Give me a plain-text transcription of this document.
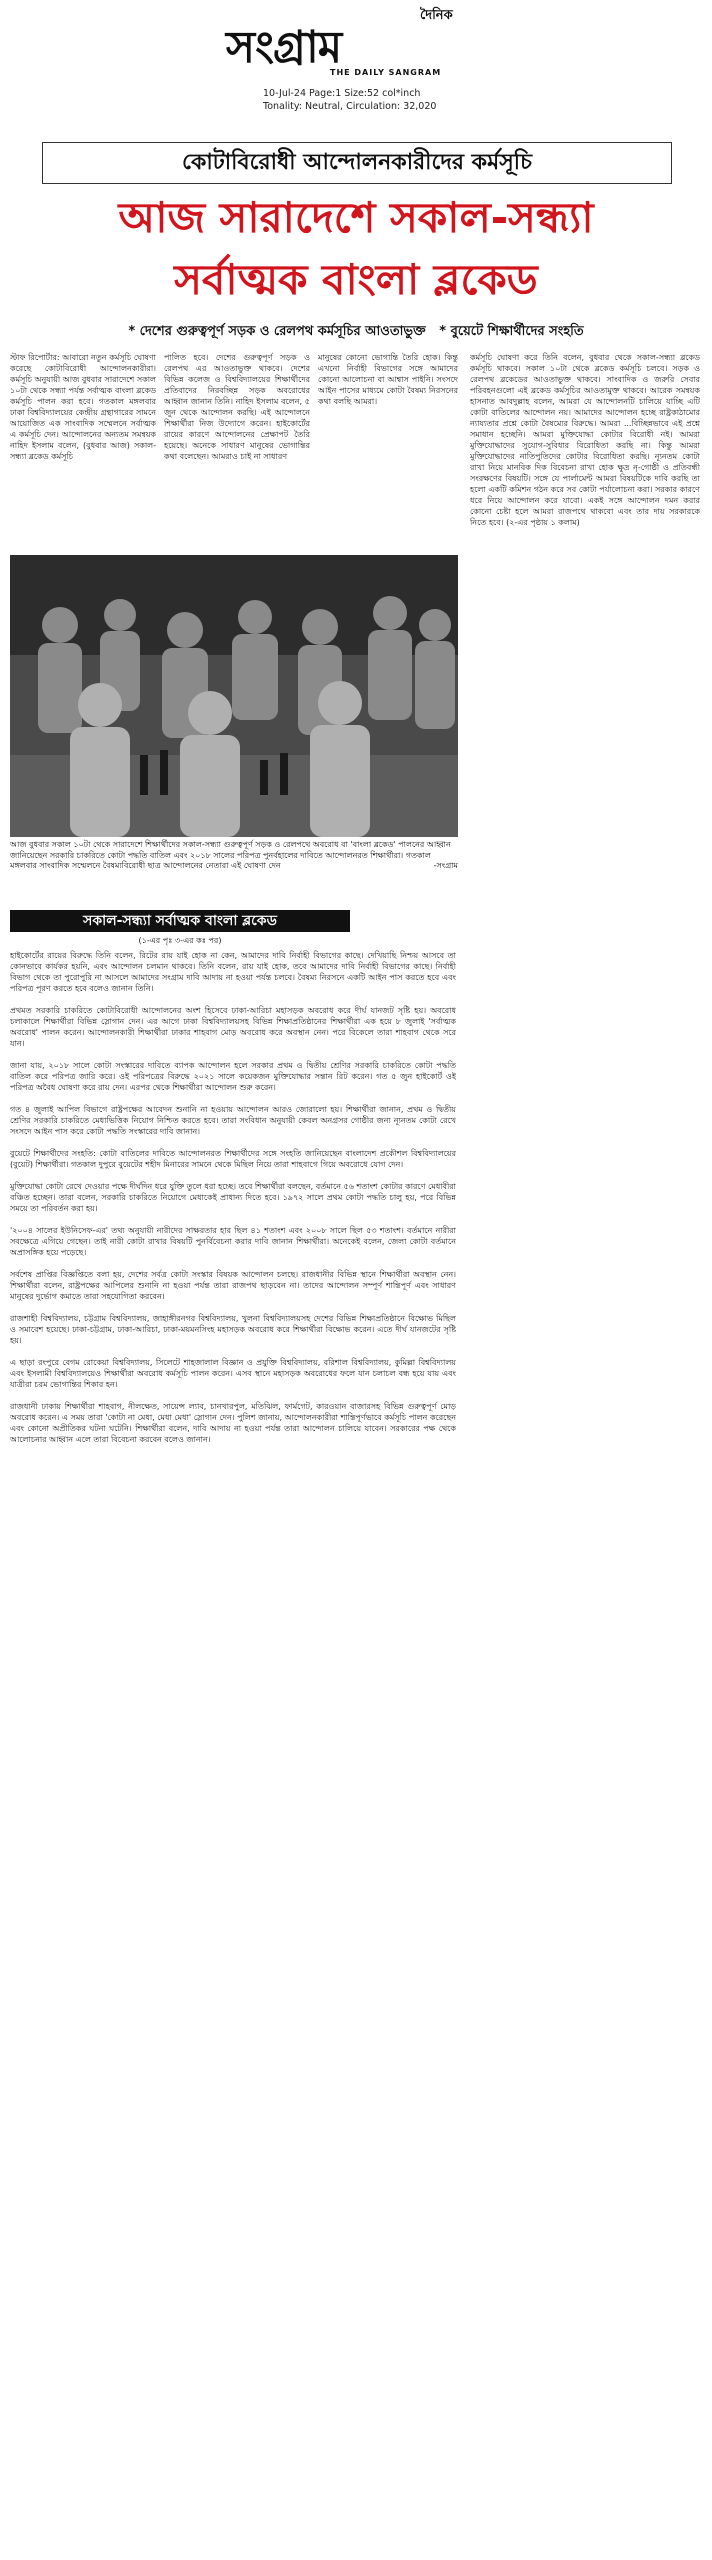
দৈনিক
সংগ্রাম
THE DAILY SANGRAM
10-Jul-24 Page:1 Size:52 col*inch
Tonality: Neutral, Circulation: 32,020
কোটাবিরোধী আন্দোলনকারীদের কর্মসূচি
আজ সারাদেশে সকাল-সন্ধ্যা
সর্বাত্মক বাংলা ব্লকেড
* দেশের গুরুত্বপূর্ণ সড়ক ও রেলপথ কর্মসূচির আওতাভুক্ত * বুয়েটে শিক্ষার্থীদের সংহতি
স্টাফ রিপোর্টার: আবারো নতুন কর্মসূচি ঘোষণা করেছে কোটাবিরোধী আন্দোলনকারীরা। কর্মসূচি অনুযায়ী আজ বুধবার সারাদেশে সকাল ১০টা থেকে সন্ধ্যা পর্যন্ত সর্বাত্মক বাংলা ব্লকেড কর্মসূচি পালন করা হবে। গতকাল মঙ্গলবার ঢাকা বিশ্ববিদ্যালয়ের কেন্দ্রীয় গ্রন্থাগারের সামনে আয়োজিত এক সাংবাদিক সম্মেলনে সর্বাত্মক এ কর্মসূচি দেন। আন্দোলনের অন্যতম সমন্বয়ক নাহিদ ইসলাম বলেন, (বুধবার আজ) সকাল-সন্ধ্যা ব্লকেড কর্মসূচি
পালিত হবে। দেশের গুরুত্বপূর্ণ সড়ক ও রেলপথ এর আওতাভুক্ত থাকবে। দেশের বিভিন্ন কলেজ ও বিশ্ববিদ্যালয়ের শিক্ষার্থীদের প্রতিবাদের নিরবচ্ছিন্ন সড়ক অবরোধের আহ্বান জানান তিনি। নাহিদ ইসলাম বলেন, ৫ জুন থেকে আন্দোলন করছি। এই আন্দোলনে শিক্ষার্থীরা নিজ উদ্যোগে করেন। হাইকোর্টের রায়ের কারণে আন্দোলনের প্রেক্ষাপট তৈরি হয়েছে। অনেকে সাধারণ মানুষের ভোগান্তির কথা বলেছেন। আমরাও চাই না সাধারণ
মানুষের কোনো ভোগান্তি তৈরি হোক। কিন্তু এখনো নির্বাহী বিভাগের সঙ্গে আমাদের কোনো আলোচনা বা আশ্বাস পাইনি। সংসদে আইন পাসের মাধ্যমে কোটা বৈষম্য নিরসনের কথা বলছি আমরা।
কর্মসূচি ঘোষণা করে তিনি বলেন, বুধবার থেকে সকাল-সন্ধ্যা ব্লকেড কর্মসূচি থাকবে। সকাল ১০টা থেকে ব্লকেড কর্মসূচি চলবে। সড়ক ও রেলপথ ব্লকেডের আওতাভুক্ত থাকবে। সাংবাদিক ও জরুরি সেবার পরিবহনগুলো এই ব্লকেড কর্মসূচির আওতামুক্ত থাকবে। আরেক সমন্বয়ক হাসনাত আবদুল্লাহ বলেন, আমরা যে আন্দোলনটি চালিয়ে যাচ্ছি এটি কোটা বাতিলের আন্দোলন নয়। আমাদের আন্দোলন হচ্ছে রাষ্ট্রকাঠামোর ন্যায্যতার প্রশ্নে কোটা বৈষম্যের বিরুদ্ধে। আমরা ...বিচ্ছিন্নভাবে এই প্রশ্নে সমাধান হচ্ছেনি। আমরা মুক্তিযোদ্ধা কোটার বিরোধী নই। আমরা মুক্তিযোদ্ধাদের সুযোগ-সুবিধার বিরোধিতা করছি না। কিন্তু আমরা মুক্তিযোদ্ধাদের নাতিপুতিদের কোটার বিরোধিতা করছি। ন্যূনতম কোটা রাখা নিয়ে মানবিক দিক বিবেচনা রাখা হোক ক্ষুদ্র নৃ-গোষ্ঠী ও প্রতিবন্ধী সংরক্ষণের বিষয়টি। সঙ্গে যে পার্লামেন্ট আমরা বিষয়টিকে দাবি করছি তা হলো একটি কমিশন গঠন করে সব কোটা পর্যালোচনা করা। সরকার কারণে ধরে নিয়ে আন্দোলন করে যাবো। একই সঙ্গে আন্দোলন দমন করার কোনো চেষ্টা হলে আমরা রাজপথে থাকবো এবং তার দায় সরকারকে নিতে হবে। (২-এর পৃষ্ঠায় ১ কলাম)
আজ বুধবার সকাল ১০টা থেকে সারাদেশে শিক্ষার্থীদের সকাল-সন্ধ্যা গুরুত্বপূর্ণ সড়ক ও রেলপথে অবরোধ বা 'বাংলা ব্লকেড' পালনের আহ্বান জানিয়েছেন সরকারি চাকরিতে কোটা পদ্ধতি বাতিল এবং ২০১৮ সালের পরিপত্র পুনর্বহালের দাবিতে আন্দোলনরত শিক্ষার্থীরা। গতকাল মঙ্গলবার সাংবাদিক সম্মেলনে বৈষম্যবিরোধী ছাত্র আন্দোলনের নেতারা এই ঘোষণা দেন	-সংগ্রাম
সকাল-সন্ধ্যা সর্বাত্মক বাংলা ব্লকেড
(১-এর পৃঃ ৩-এর কঃ পর)
হাইকোর্টের রায়ের বিরুদ্ধে তিনি বলেন, রিটের রায় যাই হোক না কেন, আমাদের দাবি নির্বাহী বিভাগের কাছে। দেখিয়াছি নিশ্চয় আসবে তা কোনভাবে কার্যকর হয়নি, এবং আন্দোলন চলমান থাকবে। তিনি বলেন, রায় যাই হোক, তবে আমাদের দাবি নির্বাহী বিভাগের কাছে। নির্বাহী বিভাগ থেকে তা পুরোপুরি না আসলে আমাদের সংগ্রাম দাবি আদায় না হওয়া পর্যন্ত চলবে। বৈষম্য নিরসনে একটি আইন পাস করতে হবে এবং পরিপত্র পূরণ করতে হবে বলেও জানান তিনি।

প্রথমত সরকারি চাকরিতে কোটাবিরোধী আন্দোলনের অংশ হিসেবে ঢাকা-আরিচা মহাসড়ক অবরোধ করে দীর্ঘ যানজট সৃষ্টি হয়। অবরোধ চলাকালে শিক্ষার্থীরা বিভিন্ন স্লোগান দেন। এর আগে ঢাকা বিশ্ববিদ্যালয়সহ বিভিন্ন শিক্ষাপ্রতিষ্ঠানের শিক্ষার্থীরা এক হয়ে ৮ জুলাই 'সর্বাত্মক অবরোধ' পালন করেন। আন্দোলনকারী শিক্ষার্থীরা ঢাকার শাহবাগ মোড় অবরোধ করে অবস্থান নেন। পরে বিকেলে তারা শাহবাগ থেকে সরে যান।

জানা যায়, ২০১৮ সালে কোটা সংস্কারের দাবিতে ব্যাপক আন্দোলন হলে সরকার প্রথম ও দ্বিতীয় শ্রেণির সরকারি চাকরিতে কোটা পদ্ধতি বাতিল করে পরিপত্র জারি করে। ওই পরিপত্রের বিরুদ্ধে ২০২১ সালে কয়েকজন মুক্তিযোদ্ধার সন্তান রিট করেন। গত ৫ জুন হাইকোর্ট ওই পরিপত্র অবৈধ ঘোষণা করে রায় দেন। এরপর থেকে শিক্ষার্থীরা আন্দোলন শুরু করেন।

গত ৪ জুলাই আপিল বিভাগে রাষ্ট্রপক্ষের আবেদন শুনানি না হওয়ায় আন্দোলন আরও জোরালো হয়। শিক্ষার্থীরা জানান, প্রথম ও দ্বিতীয় শ্রেণির সরকারি চাকরিতে মেধাভিত্তিক নিয়োগ নিশ্চিত করতে হবে। তারা সংবিধান অনুযায়ী কেবল অনগ্রসর গোষ্ঠীর জন্য ন্যূনতম কোটা রেখে সংসদে আইন পাস করে কোটা পদ্ধতি সংস্কারের দাবি জানান।

বুয়েটে শিক্ষার্থীদের সংহতি: কোটা বাতিলের দাবিতে আন্দোলনরত শিক্ষার্থীদের সঙ্গে সংহতি জানিয়েছেন বাংলাদেশ প্রকৌশল বিশ্ববিদ্যালয়ের (বুয়েট) শিক্ষার্থীরা। গতকাল দুপুরে বুয়েটের শহীদ মিনারের সামনে থেকে মিছিল নিয়ে তারা শাহবাগে গিয়ে অবরোধে যোগ দেন।

মুক্তিযোদ্ধা কোটা রেখে দেওয়ার পক্ষে দীর্ঘদিন ধরে যুক্তি তুলে ধরা হচ্ছে। তবে শিক্ষার্থীরা বলছেন, বর্তমানে ৫৬ শতাংশ কোটার কারণে মেধাবীরা বঞ্চিত হচ্ছেন। তারা বলেন, সরকারি চাকরিতে নিয়োগে মেধাকেই প্রাধান্য দিতে হবে। ১৯৭২ সালে প্রথম কোটা পদ্ধতি চালু হয়, পরে বিভিন্ন সময়ে তা পরিবর্তন করা হয়।

'২০০৪ সালের ইউনিসেফ-এর' তথ্য অনুযায়ী নারীদের সাক্ষরতার হার ছিল ৪১ শতাংশ এবং ২০০৮ সালে ছিল ৫৩ শতাংশ। বর্তমানে নারীরা সবক্ষেত্রে এগিয়ে গেছেন। তাই নারী কোটা রাখার বিষয়টি পুনর্বিবেচনা করার দাবি জানান শিক্ষার্থীরা। অনেকেই বলেন, জেলা কোটা বর্তমানে অপ্রাসঙ্গিক হয়ে পড়েছে।

সর্বশেষ প্রাপ্তির বিজ্ঞপ্তিতে বলা হয়, দেশের সর্বত্র কোটা সংস্কার বিষয়ক আন্দোলন চলছে। রাজধানীর বিভিন্ন স্থানে শিক্ষার্থীরা অবস্থান নেন। শিক্ষার্থীরা বলেন, রাষ্ট্রপক্ষের আপিলের শুনানি না হওয়া পর্যন্ত তারা রাজপথ ছাড়বেন না। তাদের আন্দোলন সম্পূর্ণ শান্তিপূর্ণ এবং সাধারণ মানুষের দুর্ভোগ কমাতে তারা সহযোগিতা করবেন।

রাজশাহী বিশ্ববিদ্যালয়, চট্টগ্রাম বিশ্ববিদ্যালয়, জাহাঙ্গীরনগর বিশ্ববিদ্যালয়, খুলনা বিশ্ববিদ্যালয়সহ দেশের বিভিন্ন শিক্ষাপ্রতিষ্ঠানে বিক্ষোভ মিছিল ও সমাবেশ হয়েছে। ঢাকা-চট্টগ্রাম, ঢাকা-আরিচা, ঢাকা-ময়মনসিংহ মহাসড়ক অবরোধ করে শিক্ষার্থীরা বিক্ষোভ করেন। এতে দীর্ঘ যানজটের সৃষ্টি হয়।

এ ছাড়া রংপুরে বেগম রোকেয়া বিশ্ববিদ্যালয়, সিলেটে শাহজালাল বিজ্ঞান ও প্রযুক্তি বিশ্ববিদ্যালয়, বরিশাল বিশ্ববিদ্যালয়, কুমিল্লা বিশ্ববিদ্যালয় এবং ইসলামী বিশ্ববিদ্যালয়েও শিক্ষার্থীরা অবরোধ কর্মসূচি পালন করেন। এসব স্থানে মহাসড়ক অবরোধের ফলে যান চলাচল বন্ধ হয়ে যায় এবং যাত্রীরা চরম ভোগান্তির শিকার হন।

রাজধানী ঢাকায় শিক্ষার্থীরা শাহবাগ, নীলক্ষেত, সায়েন্স ল্যাব, চানখারপুল, মতিঝিল, ফার্মগেট, কারওয়ান বাজারসহ বিভিন্ন গুরুত্বপূর্ণ মোড় অবরোধ করেন। এ সময় তারা 'কোটা না মেধা, মেধা মেধা' স্লোগান দেন। পুলিশ জানায়, আন্দোলনকারীরা শান্তিপূর্ণভাবে কর্মসূচি পালন করেছেন এবং কোনো অপ্রীতিকর ঘটনা ঘটেনি। শিক্ষার্থীরা বলেন, দাবি আদায় না হওয়া পর্যন্ত তারা আন্দোলন চালিয়ে যাবেন। সরকারের পক্ষ থেকে আলোচনার আহ্বান এলে তারা বিবেচনা করবেন বলেও জানান।
